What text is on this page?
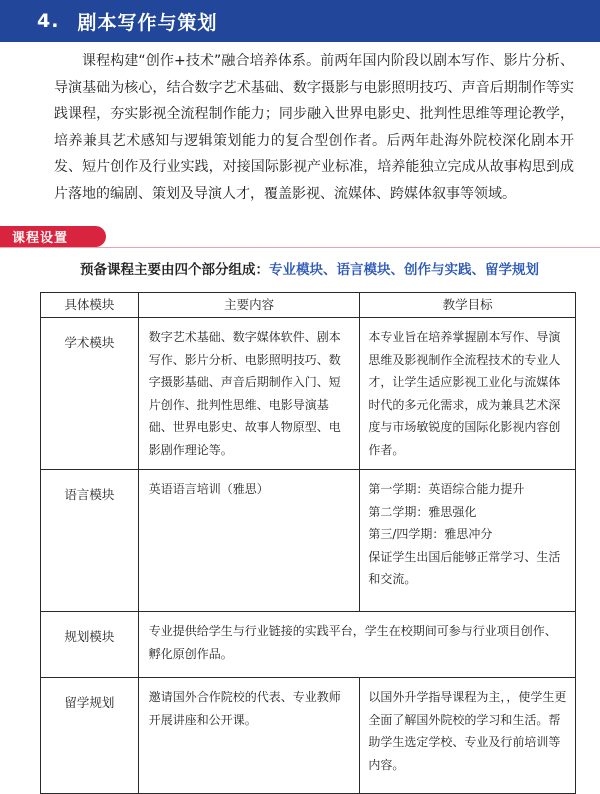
4. 剧本写作与策划

课程构建“创作+技术”融合培养体系。前两年国内阶段以剧本写作、影片分析、导演基础为核心，结合数字艺术基础、数字摄影与电影照明技巧、声音后期制作等实践课程，夯实影视全流程制作能力；同步融入世界电影史、批判性思维等理论教学，培养兼具艺术感知与逻辑策划能力的复合型创作者。后两年赴海外院校深化剧本开发、短片创作及行业实践，对接国际影视产业标准，培养能独立完成从故事构思到成片落地的编剧、策划及导演人才，覆盖影视、流媒体、跨媒体叙事等领域。

课程设置
预备课程主要由四个部分组成：专业模块、语言模块、创作与实践、留学规划
具体模块	主要内容	教学目标
学术模块	数字艺术基础、数字媒体软件、剧本写作、影片分析、电影照明技巧、数字摄影基础、声音后期制作入门、短片创作、批判性思维、电影导演基础、世界电影史、故事人物原型、电影剧作理论等。	本专业旨在培养掌握剧本写作、导演思维及影视制作全流程技术的专业人才，让学生适应影视工业化与流媒体时代的多元化需求，成为兼具艺术深度与市场敏锐度的国际化影视内容创作者。

语言模块	英语语言培训（雅思）	第一学期：英语综合能力提升
第二学期：雅思强化
第三/四学期：雅思冲分
保证学生出国后能够正常学习、生活和交流。

规划模块	专业提供给学生与行业链接的实践平台，学生在校期间可参与行业项目创作、孵化原创作品。	
留学规划	邀请国外合作院校的代表、专业教师开展讲座和公开课。	以国外升学指导课程为主，，使学生更全面了解国外院校的学习和生活。帮助学生选定学校、专业及行前培训等内容。
